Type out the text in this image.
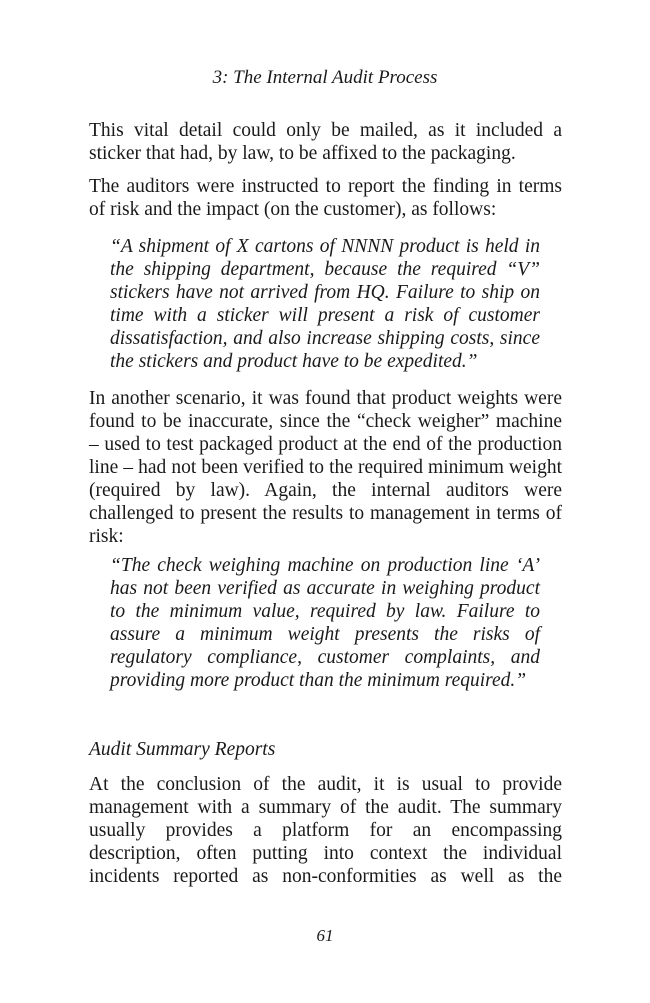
3: The Internal Audit Process

This vital detail could only be mailed, as it included a sticker that had, by law, to be affixed to the packaging.

The auditors were instructed to report the finding in terms of risk and the impact (on the customer), as follows:

“A shipment of X cartons of NNNN product is held in the shipping department, because the required “V” stickers have not arrived from HQ. Failure to ship on time with a sticker will present a risk of customer dissatisfaction, and also increase shipping costs, since the stickers and product have to be expedited.”

In another scenario, it was found that product weights were found to be inaccurate, since the “check weigher” machine – used to test packaged product at the end of the production line – had not been verified to the required minimum weight (required by law). Again, the internal auditors were challenged to present the results to management in terms of risk:

“The check weighing machine on production line ‘A’ has not been verified as accurate in weighing product to the minimum value, required by law. Failure to assure a minimum weight presents the risks of regulatory compliance, customer complaints, and providing more product than the minimum required.”

Audit Summary Reports

At the conclusion of the audit, it is usual to provide management with a summary of the audit. The summary usually provides a platform for an encompassing description, often putting into context the individual incidents reported as non-conformities as well as the

61
